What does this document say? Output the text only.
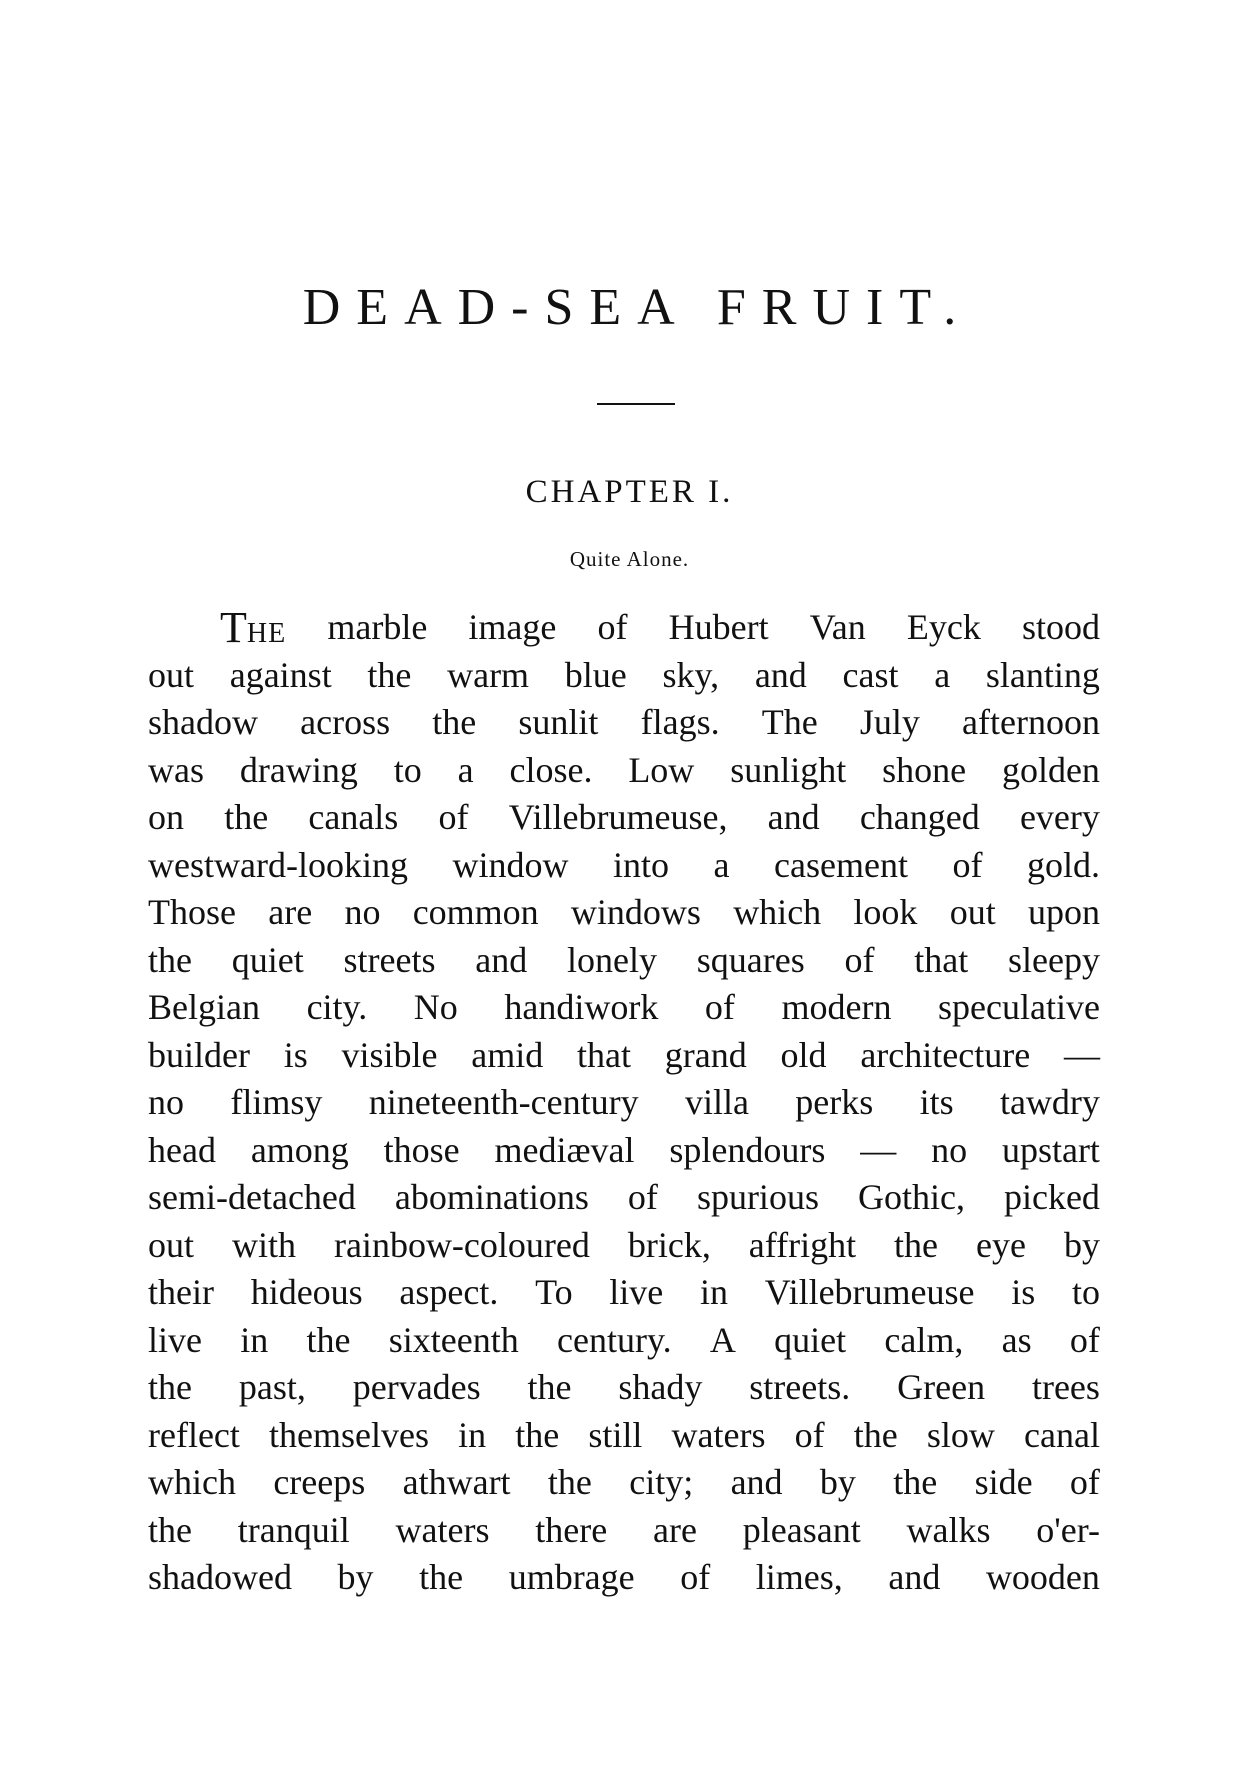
DEAD-SEA FRUIT.
CHAPTER I.

Quite Alone.

THE marble image of Hubert Van Eyck stood
out against the warm blue sky, and cast a slanting
shadow across the sunlit flags. The July afternoon
was drawing to a close. Low sunlight shone golden
on the canals of Villebrumeuse, and changed every
westward-looking window into a casement of gold.
Those are no common windows which look out upon
the quiet streets and lonely squares of that sleepy
Belgian city. No handiwork of modern speculative
builder is visible amid that grand old architecture —
no flimsy nineteenth-century villa perks its tawdry
head among those mediæval splendours — no upstart
semi-detached abominations of spurious Gothic, picked
out with rainbow-coloured brick, affright the eye by
their hideous aspect. To live in Villebrumeuse is to
live in the sixteenth century. A quiet calm, as of
the past, pervades the shady streets. Green trees
reflect themselves in the still waters of the slow canal
which creeps athwart the city; and by the side of
the tranquil waters there are pleasant walks o'er-
shadowed by the umbrage of limes, and wooden
